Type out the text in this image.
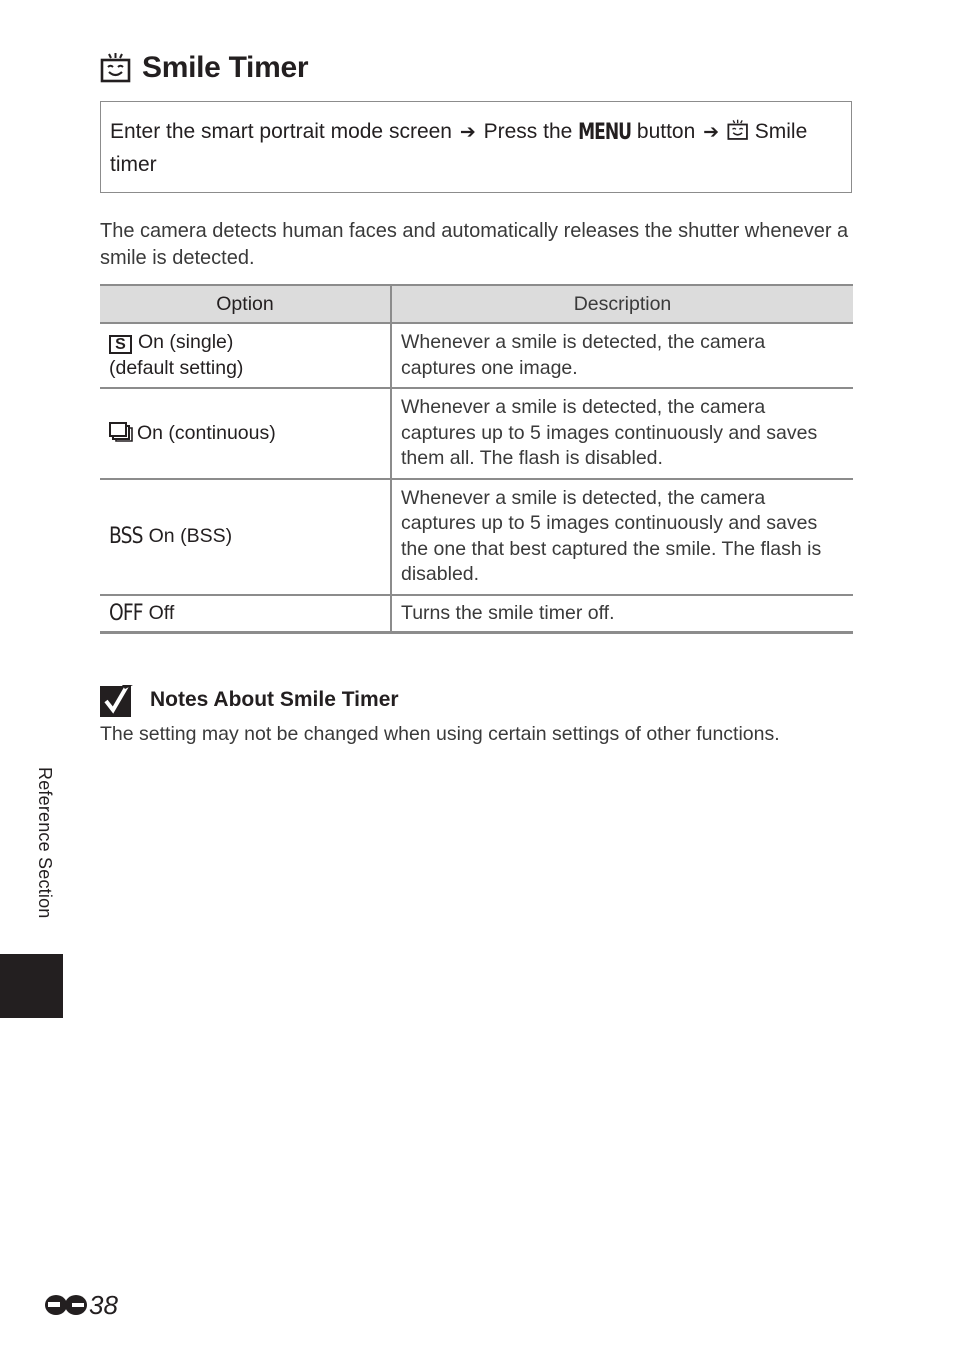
Smile Timer
Enter the smart portrait mode screen ➔ Press the MENU button ➔ Smile timer
The camera detects human faces and automatically releases the shutter whenever a smile is detected.
Option	Description
S On (single)
(default setting)	Whenever a smile is detected, the camera captures one image.
On (continuous)	Whenever a smile is detected, the camera captures up to 5 images continuously and saves them all. The flash is disabled.
BSS On (BSS)	Whenever a smile is detected, the camera captures up to 5 images continuously and saves the one that best captured the smile. The flash is disabled.
OFF Off	Turns the smile timer off.
Notes About Smile Timer
The setting may not be changed when using certain settings of other functions.
Reference Section
38
